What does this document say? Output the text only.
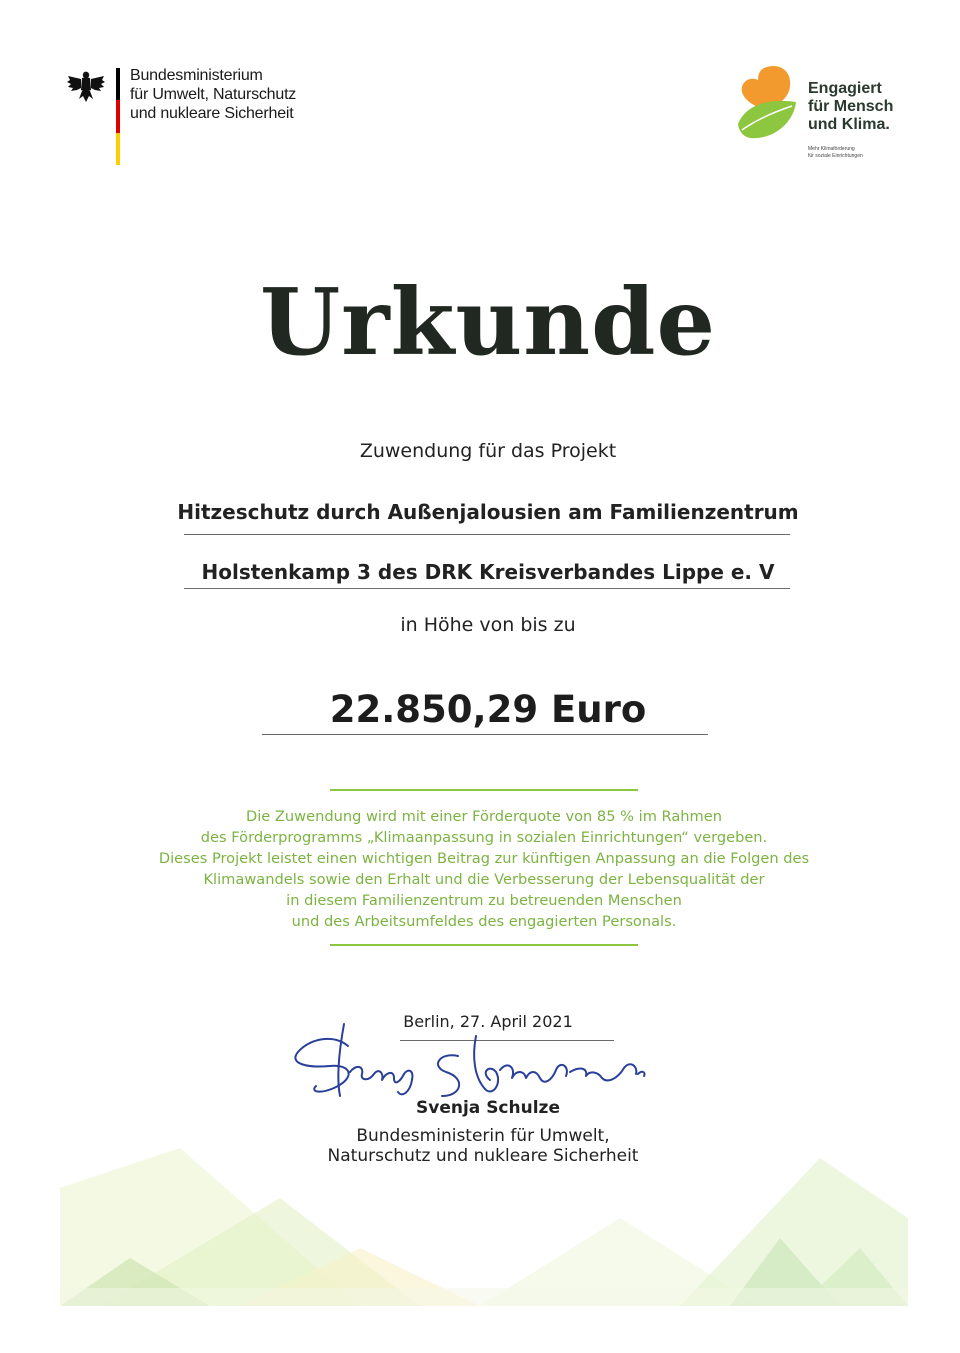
Bundesministerium
für Umwelt, Naturschutz
und nukleare Sicherheit
Engagiert
für Mensch
und Klima.
Mehr Klimaförderung
für soziale Einrichtungen
Urkunde
Zuwendung für das Projekt
Hitzeschutz durch Außenjalousien am Familienzentrum
Holstenkamp 3 des DRK Kreisverbandes Lippe e. V
in Höhe von bis zu
22.850,29 Euro
Die Zuwendung wird mit einer Förderquote von 85 % im Rahmen
des Förderprogramms „Klimaanpassung in sozialen Einrichtungen“ vergeben.
Dieses Projekt leistet einen wichtigen Beitrag zur künftigen Anpassung an die Folgen des
Klimawandels sowie den Erhalt und die Verbesserung der Lebensqualität der
in diesem Familienzentrum zu betreuenden Menschen
und des Arbeitsumfeldes des engagierten Personals.
Berlin, 27. April 2021
Svenja Schulze
Bundesministerin für Umwelt,
Naturschutz und nukleare Sicherheit
